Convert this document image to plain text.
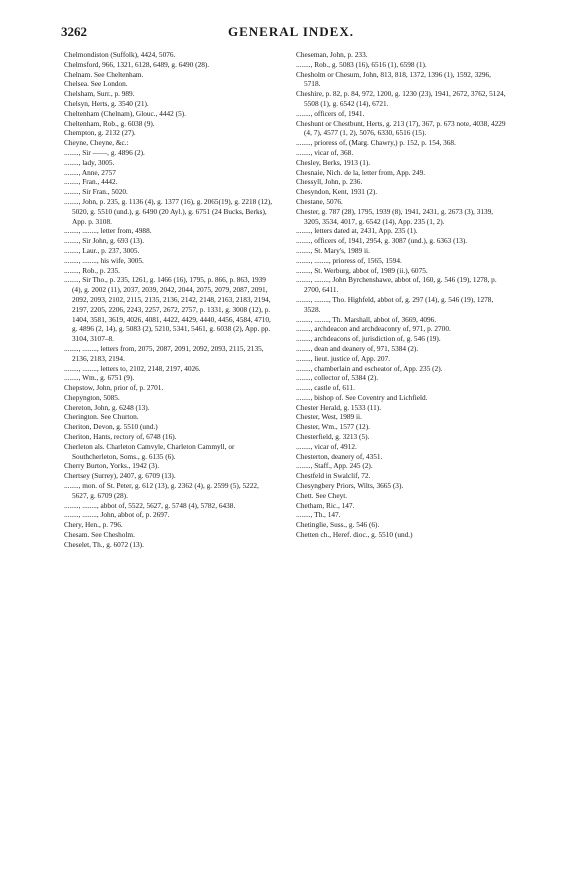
3262	GENERAL INDEX.
Chelmondiston (Suffolk), 4424, 5076.
Chelmsford, 966, 1321, 6128, 6489, g. 6490 (28).
Chelnam. See Cheltenham.
Chelsea. See London.
Chelsham, Surr., p. 989.
Chelsyn, Herts, g. 3540 (21).
Cheltenham (Chelnam), Glouc., 4442 (5).
Cheltenham, Rob., g. 6038 (9).
Chempton, g. 2132 (27).
Cheyne, Cheyne, &c.:
........, Sir ——, g. 4896 (2).
........, lady, 3005.
........, Anne, 2757
........, Fran., 4442.
........, Sir Fran., 5020.
........, John, p. 235, g. 1136 (4), g. 1377 (16), g. 2065(19), g. 2218 (12), 5020, g. 5510 (und.), g. 6490 (20 Ayl.), g. 6751 (24 Bucks, Berks), App. p. 3108.
........, ........, letter from, 4988.
........, Sir John, g. 693 (13).
........, Laur., p. 237, 3005.
........, ........, his wife, 3005.
........, Rob., p. 235.
........, Sir Tho., p. 235, 1261, g. 1466 (16), 1795, p. 866, p. 863, 1939 (4), g. 2002 (11), 2037, 2039, 2042, 2044, 2075, 2079, 2087, 2091, 2092, 2093, 2102, 2115, 2135, 2136, 2142, 2148, 2163, 2183, 2194, 2197, 2205, 2206, 2243, 2257, 2672, 2757, p. 1331, g. 3008 (12), p. 1404, 3581, 3619, 4026, 4081, 4422, 4429, 4440, 4456, 4584, 4710, g. 4896 (2, 14), g. 5083 (2), 5210, 5341, 5461, g. 6038 (2), App. pp. 3104, 3107–8.
........, ........, letters from, 2075, 2087, 2091, 2092, 2093, 2115, 2135, 2136, 2183, 2194.
........, ........, letters to, 2102, 2148, 2197, 4026.
........, Wm., g. 6751 (9).
Chepstow, John, prior of, p. 2701.
Chepyngton, 5085.
Chereton, John, g. 6248 (13).
Cherington. See Churton.
Cheriton, Devon, g. 5510 (und.)
Cheriton, Hants, rectory of, 6748 (16).
Cherleton als. Charleton Camvyle, Charleton Cammyll, or Southcherleton, Soms., g. 6135 (6).
Cherry Burton, Yorks., 1942 (3).
Chertsey (Surrey), 2407, g. 6709 (13).
........, mon. of St. Peter, g. 612 (13), g. 2362 (4), g. 2599 (5), 5222, 5627, g. 6709 (28).
........, ........, abbot of, 5522, 5627, g. 5748 (4), 5782, 6438.
........, ........, John, abbot of, p. 2697.
Chery, Hen., p. 796.
Chesam. See Chesholm.
Cheselet, Th., g. 6072 (13).
Cheseman, John, p. 233.
........, Rob., g. 5083 (16), 6516 (1), 6598 (1).
Chesholm or Chesum, John, 813, 818, 1372, 1396 (1), 1592, 3296, 5718.
Cheshire, p. 82, p. 84, 972, 1200, g. 1230 (23), 1941, 2672, 3762, 5124, 5508 (1), g. 6542 (14), 6721.
........, officers of, 1941.
Cheshunt or Chestbunt, Herts, g. 213 (17), 367, p. 673 note, 4038, 4229 (4, 7), 4577 (1, 2), 5076, 6330, 6516 (15).
........, prioress of, (Marg. Chawry,) p. 152, p. 154, 368.
........, vicar of, 368.
Chesley, Berks, 1913 (1).
Chesnaie, Nich. de la, letter from, App. 249.
Chessyll, John, p. 236.
Chesyndon, Kent, 1931 (2).
Chestane, 5076.
Chester, g. 787 (28), 1795, 1939 (8), 1941, 2431, g. 2673 (3), 3139, 3205, 3534, 4017, g. 6542 (14), App. 235 (1, 2).
........, letters dated at, 2431, App. 235 (1).
........, officers of, 1941, 2954, g. 3087 (und.), g. 6363 (13).
........, St. Mary's, 1989 ii.
........, ........, prioress of, 1565, 1594.
........, St. Werburg, abbot of, 1989 (ii.), 6075.
........, ........, John Byrchenshawe, abbot of, 160, g. 546 (19), 1278, p. 2700, 6411.
........, ........, Tho. Highfeld, abbot of, g. 297 (14), g. 546 (19), 1278, 3528.
........, ........, Th. Marshall, abbot of, 3669, 4096.
........, archdeacon and archdeaconry of, 971, p. 2700.
........, archdeacons of, jurisdiction of, g. 546 (19).
........, dean and deanery of, 971, 5384 (2).
........, lieut. justice of, App. 207.
........, chamberlain and escheator of, App. 235 (2).
........, collector of, 5384 (2).
........, castle of, 611.
........, bishop of. See Coventry and Lichfield.
Chester Herald, g. 1533 (11).
Chester, West, 1989 ii.
Chester, Wm., 1577 (12).
Chesterfield, g. 3213 (5).
........, vicar of, 4912.
Chesterton, deanery of, 4351.
........, Staff., App. 245 (2).
Chestfeld in Swalclif, 72.
Chesyngbery Priors, Wilts, 3665 (3).
Chett. See Cheyt.
Chetham, Ric., 147.
........, Th., 147.
Chetinglie, Suss., g. 546 (6).
Chetten ch., Heref. dioc., g. 5510 (und.)
